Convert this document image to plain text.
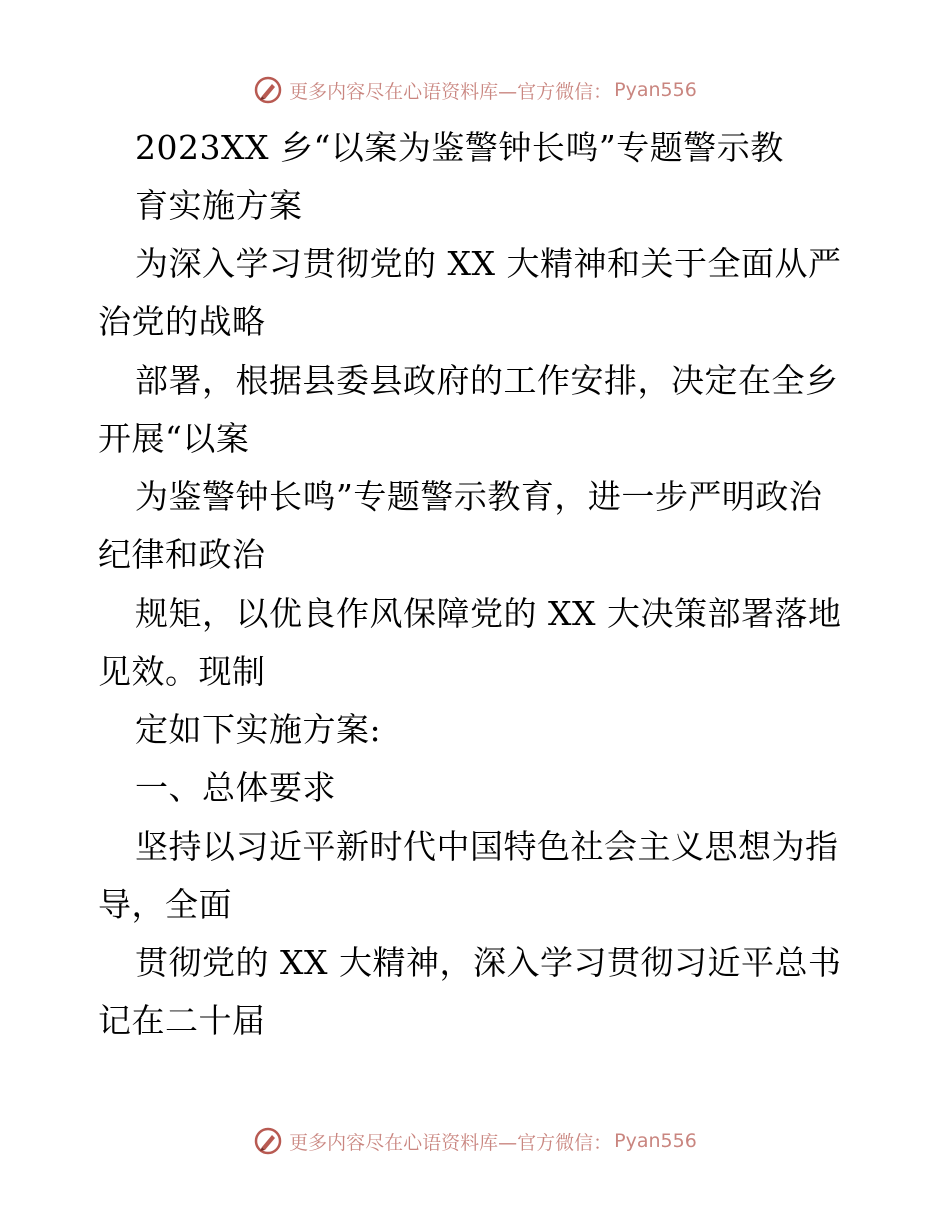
更多内容尽在心语资料库—官方微信： Pyan556
2023XX 乡“以案为鉴警钟长鸣”专题警示教
育实施方案
为深入学习贯彻党的 XX 大精神和关于全面从严
治党的战略
部署，根据县委县政府的工作安排，决定在全乡
开展“以案
为鉴警钟长鸣”专题警示教育，进一步严明政治
纪律和政治
规矩，以优良作风保障党的 XX 大决策部署落地
见效。现制
定如下实施方案:
一、总体要求
坚持以习近平新时代中国特色社会主义思想为指
导，全面
贯彻党的 XX 大精神，深入学习贯彻习近平总书
记在二十届
更多内容尽在心语资料库—官方微信： Pyan556
